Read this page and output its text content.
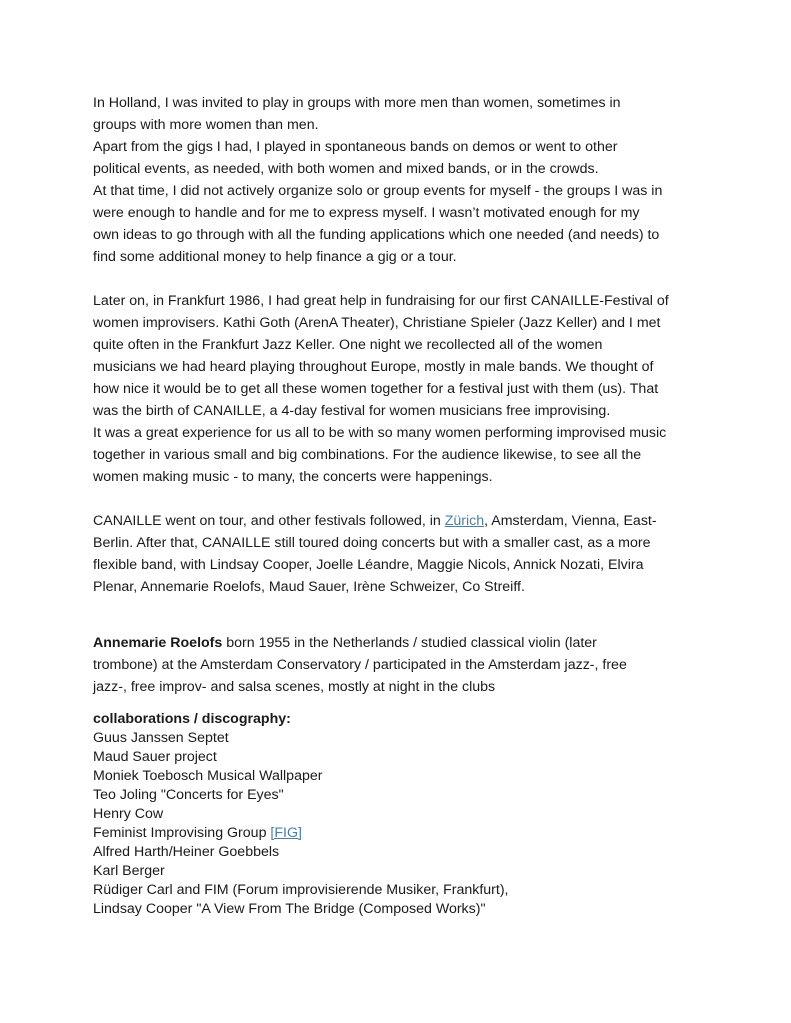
In Holland, I was invited to play in groups with more men than women, sometimes in
groups with more women than men.
Apart from the gigs I had, I played in spontaneous bands on demos or went to other
political events, as needed, with both women and mixed bands, or in the crowds.
At that time, I did not actively organize solo or group events for myself - the groups I was in
were enough to handle and for me to express myself. I wasn’t motivated enough for my
own ideas to go through with all the funding applications which one needed (and needs) to
find some additional money to help finance a gig or a tour.
Later on, in Frankfurt 1986, I had great help in fundraising for our first CANAILLE-Festival of
women improvisers. Kathi Goth (ArenA Theater), Christiane Spieler (Jazz Keller) and I met
quite often in the Frankfurt Jazz Keller. One night we recollected all of the women
musicians we had heard playing throughout Europe, mostly in male bands. We thought of
how nice it would be to get all these women together for a festival just with them (us). That
was the birth of CANAILLE, a 4-day festival for women musicians free improvising.
It was a great experience for us all to be with so many women performing improvised music
together in various small and big combinations. For the audience likewise, to see all the
women making music - to many, the concerts were happenings.
CANAILLE went on tour, and other festivals followed, in Zürich, Amsterdam, Vienna, East-
Berlin. After that, CANAILLE still toured doing concerts but with a smaller cast, as a more
flexible band, with Lindsay Cooper, Joelle Léandre, Maggie Nicols, Annick Nozati, Elvira
Plenar, Annemarie Roelofs, Maud Sauer, Irène Schweizer, Co Streiff.
Annemarie Roelofs born 1955 in the Netherlands / studied classical violin (later
trombone) at the Amsterdam Conservatory / participated in the Amsterdam jazz-, free
jazz-, free improv- and salsa scenes, mostly at night in the clubs
collaborations / discography:
Guus Janssen Septet
Maud Sauer project
Moniek Toebosch Musical Wallpaper
Teo Joling "Concerts for Eyes"
Henry Cow
Feminist Improvising Group [FIG]
Alfred Harth/Heiner Goebbels
Karl Berger
Rüdiger Carl and FIM (Forum improvisierende Musiker, Frankfurt),
Lindsay Cooper "A View From The Bridge (Composed Works)"
